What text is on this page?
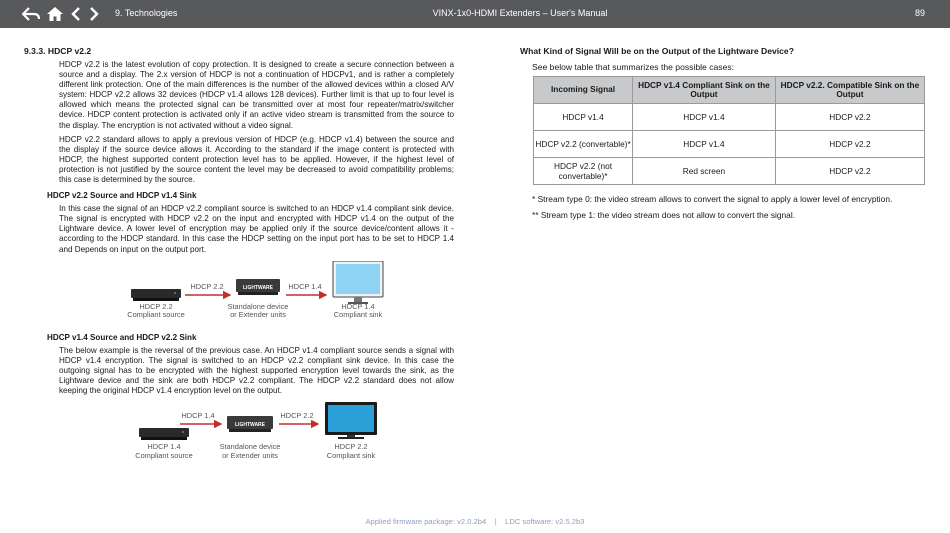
9. Technologies	VINX-1x0-HDMI Extenders – User's Manual	89
9.3.3. HDCP v2.2

HDCP v2.2 is the latest evolution of copy protection. It is designed to create a secure connection between a source and a display. The 2.x version of HDCP is not a continuation of HDCPv1, and is rather a completely different link protection. One of the main differences is the number of the allowed devices within a closed A/V system: HDCP v2.2 allows 32 devices (HDCP v1.4 allows 128 devices). Further limit is that up to four level is allowed which means the protected signal can be transmitted over at most four repeater/matrix/switcher device. HDCP content protection is activated only if an active video stream is transmitted from the source to the display. The encryption is not activated without a video signal.

HDCP v2.2 standard allows to apply a previous version of HDCP (e.g. HDCP v1.4) between the source and the display if the source device allows it. According to the standard if the image content is protected with HDCP, the highest supported content protection level has to be applied. However, if the highest level of protection is not justified by the source content the level may be decreased to avoid compatibility problems; this case is determined by the source.

HDCP v2.2 Source and HDCP v1.4 Sink

In this case the signal of an HDCP v2.2 compliant source is switched to an HDCP v1.4 compliant sink device. The signal is encrypted with HDCP v2.2 on the input and encrypted with HDCP v1.4 on the output of the Lightware device. A lower level of encryption may be applied only if the source device/content allows it - according to the HDCP standard. In this case the HDCP setting on the input port has to be set to HDCP 1.4 and Depends on input on the output port.

LIGHTWARE
HDCP 2.2	HDCP 1.4
HDCP 2.2
Compliant source
Standalone device
or Extender units
HDCP 1.4
Compliant sink
HDCP v1.4 Source and HDCP v2.2 Sink

The below example is the reversal of the previous case. An HDCP v1.4 compliant source sends a signal with HDCP v1.4 encryption. The signal is switched to an HDCP v2.2 compliant sink device. In this case the outgoing signal has to be encrypted with the highest supported encryption level towards the sink, as the Lightware device and the sink are both HDCP v2.2 compliant. The HDCP v2.2 standard does not allow keeping the original HDCP v1.4 encryption level on the output.

LIGHTWARE
HDCP 1.4	HDCP 2.2
HDCP 1.4
Compliant source
Standalone device
or Extender units
HDCP 2.2
Compliant sink
What Kind of Signal Will be on the Output of the Lightware Device?
See below table that summarizes the possible cases:
Incoming Signal	HDCP v1.4 Compliant Sink on the Output	HDCP v2.2. Compatible Sink on the Output
HDCP v1.4	HDCP v1.4	HDCP v2.2
HDCP v2.2 (convertable)*	HDCP v1.4	HDCP v2.2
HDCP v2.2 (not convertable)*	Red screen	HDCP v2.2
* Stream type 0: the video stream allows to convert the signal to apply a lower level of encryption.
** Stream type 1: the video stream does not allow to convert the signal.
Applied firmware package: v2.0.2b4    |    LDC software: v2.5.2b3
